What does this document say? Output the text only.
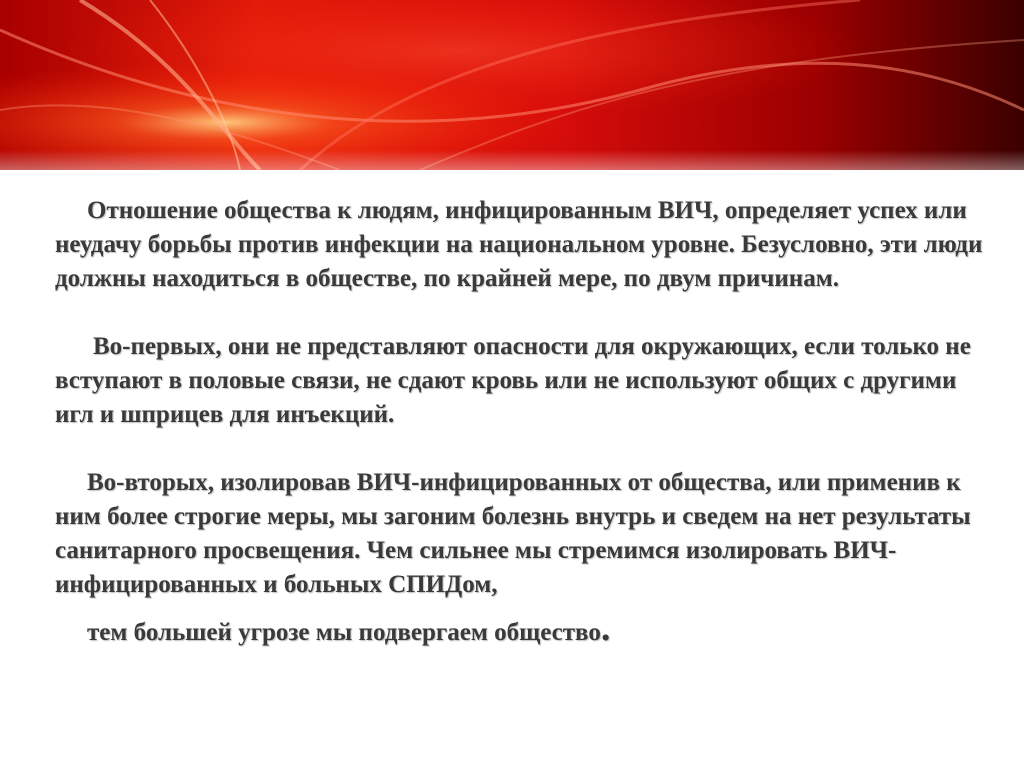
Отношение общества к людям, инфицированным ВИЧ, определяет успех или неудачу борьбы против инфекции на национальном уровне. Безусловно, эти люди должны находиться в обществе, по крайней мере, по двум причинам.

Во-первых, они не представляют опасности для окружающих, если только не вступают в половые связи, не сдают кровь или не используют общих с другими игл и шприцев для инъекций.

Во-вторых, изолировав ВИЧ-инфицированных от общества, или применив к ним более строгие меры, мы загоним болезнь внутрь и сведем на нет результаты санитарного просвещения. Чем сильнее мы стремимся изолировать ВИЧ-инфицированных и больных СПИДом,
тем большей угрозе мы подвергаем общество.
